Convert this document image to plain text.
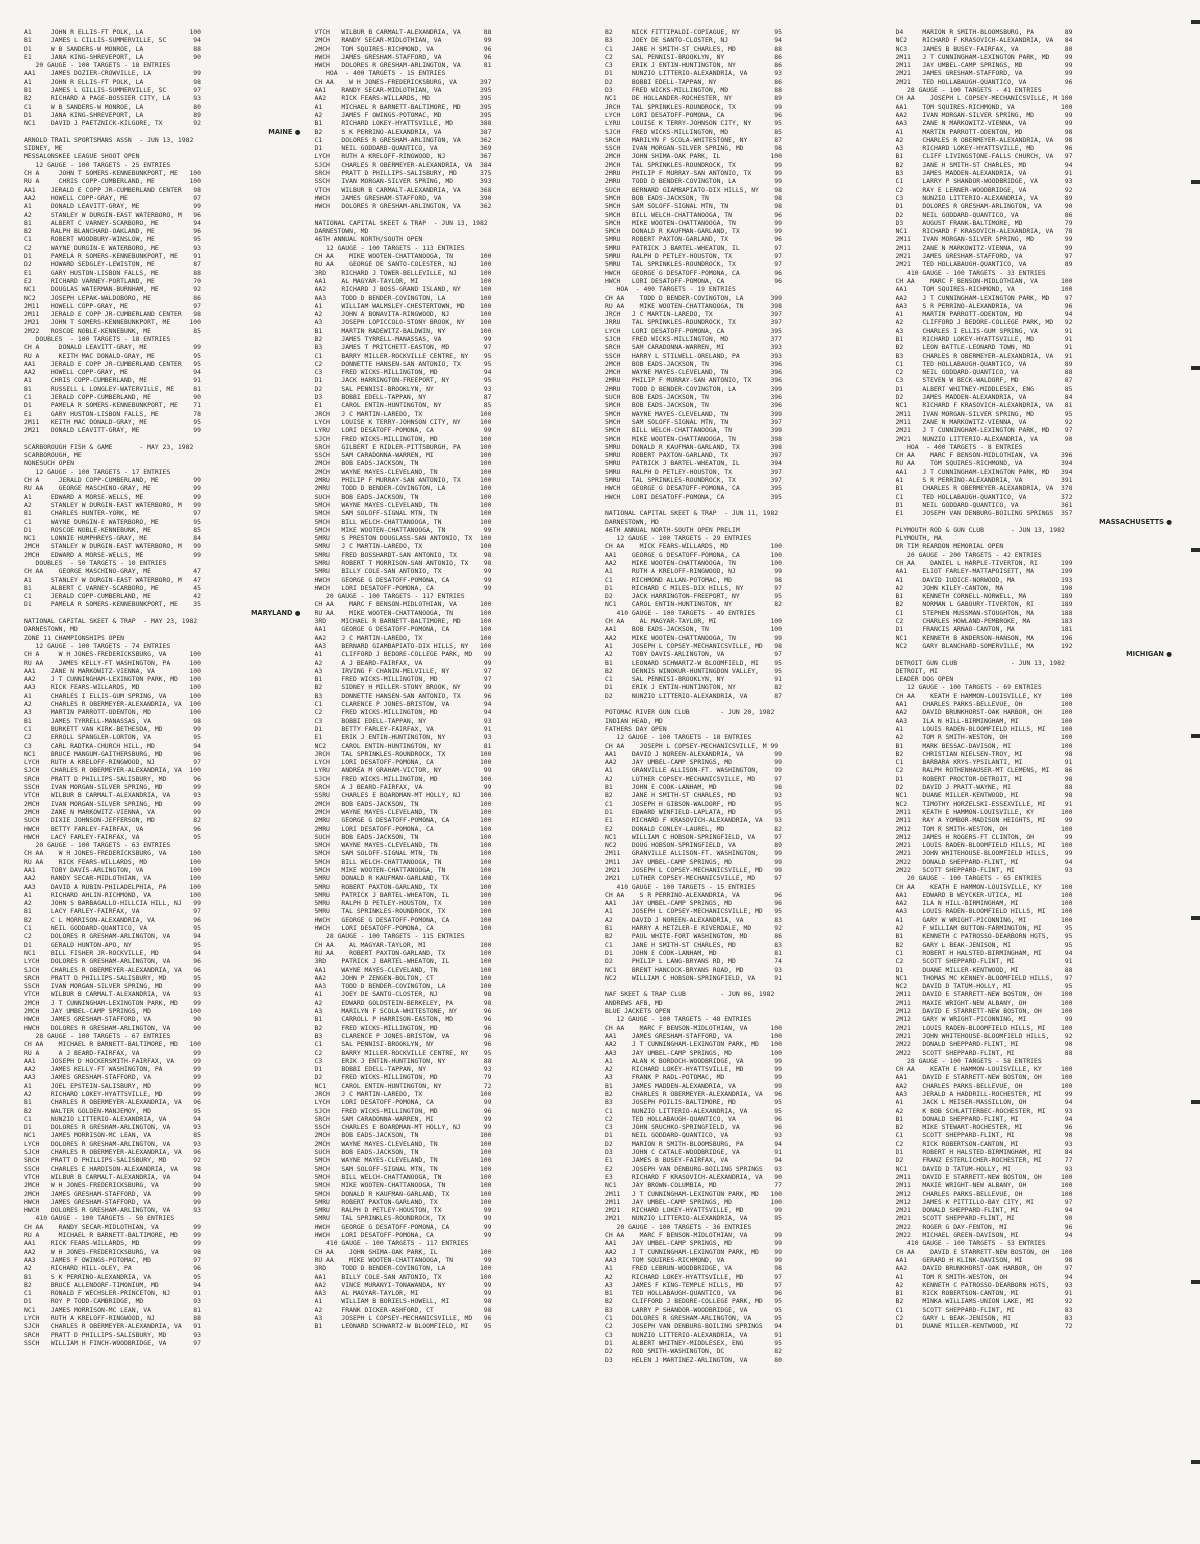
A1     JOHN R ELLIS-FT POLK, LA            100
B1     JAMES L CILLIS-SUMMERVILLE, SC       94
D1     W B SANDERS-W MONROE, LA             88
E1     JANA KING-SHREVEPORT, LA             90
20 GAUGE - 100 TARGETS - 18 ENTRIES
AA1    JAMES DOZIER-CROWVILLE, LA           99
A1     JOHN R ELLIS-FT POLK, LA             98
B1     JAMES L GILLIS-SUMMERVILLE, SC       97
B2     RICHARD A PAGE-BOSSIER CITY, LA      93
C1     W B SANDERS-W MONROE, LA             80
D1     JANA KING-SHREVEPORT, LA             89
NC1    DAVID J PAETZNICK-KILGORE, TX        92
MAINE ●
ARNOLD TRAIL SPORTSMANS ASSN  - JUN 13, 1982
SIDNEY, ME
MESSALONSKEE LEAGUE SHOOT OPEN
12 GAUGE - 100 TARGETS - 25 ENTRIES
CH A     JOHN T SOMERS-KENNEBUNKPORT, ME   100
RU A     CHRIS COPP-CUMBERLAND, ME         100
AA1    JERALD E COPP JR-CUMBERLAND CENTER   98
AA2    HOWELL COPP-GRAY, ME                 97
A1     DONALD LEAVITT-GRAY, ME              99
A2     STANLEY W DURGIN-EAST WATERBORO, M   96
B1     ALBERT C VARNEY-SCARBORO, ME         94
B2     RALPH BLANCHARD-OAKLAND, ME          96
C1     ROBERT WOODBURY-WINSLOW, ME          95
C2     WAYNE DURGIN-E WATERBORO, ME         93
D1     PAMELA R SOMERS-KENNEBUNKPORT, ME    91
D2     HOWARD SEDGLEY-LEWISTON, ME          87
E1     GARY HUSTON-LISBON FALLS, ME         88
E2     RICHARD VARNEY-PORTLAND, ME          70
NC1    DOUGLAS WATERMAN-BURNHAM, ME         92
NC2    JOSEPH LEPAK-WALDOBORO, ME           86
2M11   HOWELL COPP-GRAY, ME                 97
2M11   JERALD E COPP JR-CUMBERLAND CENTER   98
2M21   JOHN T SOMERS-KENNEBUNKPORT, ME     100
2M22   ROSCOE NOBLE-KENNEBUNK, ME           85
DOUBLES  - 100 TARGETS - 18 ENTRIES
CH A     DONALD LEAVITT-GRAY, ME            99
RU A     KEITH MAC DONALD-GRAY, ME          95
AA1    JERALD E COPP JR-CUMBERLAND CENTER   95
AA2    HOWELL COPP-GRAY, ME                 94
A1     CHRIS COPP-CUMBERLAND, ME            91
B1     RUSSELL L LONGLEY-WATERVILLE, ME     81
C1     JERALD COPP-CUMBERLAND, ME           90
D1     PAMELA R SOMERS-KENNEBUNKPORT, ME    71
E1     GARY HUSTON-LISBON FALLS, ME         78
2M11   KEITH MAC DONALD-GRAY, ME            95
2M21   DONALD LEAVITT-GRAY, ME              99
SCARBOROUGH FISH & GAME       - MAY 23, 1982
SCARBOROUGH, ME
NONESUCH OPEN
12 GAUGE - 100 TARGETS - 17 ENTRIES
CH A     JERALD COPP-CUMBERLAND, ME         99
RU AA    GEORGE MASCHINO-GRAY, ME           99
A1     EDWARD A MORSE-WELLS, ME             99
A2     STANLEY W DURGIN-EAST WATERBORO, M   99
B1     CHARLES HUNTER-YORK, ME              97
C1     WAYNE DURGIN-E WATERBORO, ME         95
D1     ROSCOE NOBLE-KENNEBUNK, ME           85
NC1    LONNIE HUMPHREYS-GRAY, ME            84
2MCH   STANLEY W DURGIN-EAST WATERBORO, M   99
2MCH   EDWARD A MORSE-WELLS, ME             99
DOUBLES  - 50 TARGETS - 10 ENTRIES
CH AA    GEORGE MASCHINO-GRAY, ME           47
A1     STANLEY W DURGIN-EAST WATERBORO, M   47
B1     ALBERT C VARNEY-SCARBORO, ME         45
C1     JERALD COPP-CUMBERLAND, ME           42
D1     PAMELA R SOMERS-KENNEBUNKPORT, ME    35
MARYLAND ●
NATIONAL CAPITAL SKEET & TRAP  - MAY 23, 1982
DARNESTOWN, MD
ZONE 11 CHAMPIONSHIPS OPEN
12 GAUGE - 100 TARGETS - 74 ENTRIES
CH A     W H JONES-FREDERICKSBURG, VA      100
RU AA    JAMES KELLY-FT WASHINGTON, PA     100
AA1    ZANE N MARKOWITZ-VIENNA, VA         100
AA2    J T CUNNINGHAM-LEXINGTON PARK, MD   100
AA3    RICK FEARS-WILLARDS, MD             100
A1     CHARLES I ELLIS-GUM SPRING, VA      100
A2     CHARLES R OBERMEYER-ALEXANDRIA, VA  100
A3     MARTIN PARROTT-ODENTON, MD          100
B1     JAMES TYRRELL-MANASSAS, VA           98
C1     BURKETT VAN KIRK-BETHESDA, MD        99
C2     ERROLL SPANGLER-LORTON, VA           95
C3     CARL RADTKA-CHURCH HILL, MD          94
NC1    BRUCE MANGUM-GAITHERSBURG, MD        96
LYCH   RUTH A KRELOFF-RINGWOOD, NJ          97
SJCH   CHARLES R OBERMEYER-ALEXANDRIA, VA  100
SRCH   PRATT D PHILLIPS-SALISBURY, MD       96
SSCH   IVAN MORGAN-SILVER SPRING, MD        99
VTCH   WILBUR B CARMALT-ALEXANDRIA, VA      93
2MCH   IVAN MORGAN-SILVER SPRING, MD        99
2MCH   ZANE N MARKOWITZ-VIENNA, VA          99
SUCH   DIXIE JOHNSON-JEFFERSON, MD          82
HWCH   BETTY FARLEY-FAIRFAX, VA             96
HWCH   LACY FARLEY-FAIRFAX, VA              95
20 GAUGE - 100 TARGETS - 63 ENTRIES
CH AA    W H JONES-FREDERICKSBURG, VA      100
RU AA    RICK FEARS-WILLARDS, MD           100
AA1    TOBY DAVIS-ARLINGTON, VA            100
AA2    RANDY SECAR-MIDLOTHIAN, VA          100
AA3    DAVID A RUBIN-PHILADELPHIA, PA      100
A1     RICHARD AHLIN-RICHMOND, VA          100
A2     JOHN S BARBAGALLO-HILLCIA HILL, NJ   99
B1     LACY FARLEY-FAIRFAX, VA              97
B2     C L MORRISON-ALEXANDRIA, VA          96
C1     NEIL GODDARD-QUANTICO, VA            95
C2     DOLORES R GRESHAM-ARLINGTON, VA      94
D1     GERALD HUNTON-APO, NY                95
NC1    BILL FISHER JR-ROCKVILLE, MD         94
LYCH   DOLORES R GRESHAM-ARLINGTON, VA      96
SJCH   CHARLES R OBERMEYER-ALEXANDRIA, VA   96
SRCH   PRATT D PHILLIPS-SALISBURY, MD       95
SSCH   IVAN MORGAN-SILVER SPRING, MD        99
VTCH   WILBUR B CARMALT-ALEXANDRIA, VA      93
2MCH   J T CUNNINGHAM-LEXINGTON PARK, MD    99
2MCH   JAY UMBEL-CAMP SPRINGS, MD          100
HWCH   JAMES GRESHAM-STAFFORD, VA           90
HWCH   DOLORES R GRESHAM-ARLINGTON, VA      90
28 GAUGE - 100 TARGETS - 67 ENTRIES
CH AA    MICHAEL R BARNETT-BALTIMORE, MD   100
RU A     A J BEARD-FAIRFAX, VA              99
AA1    JOSEPH D HOCKERSMITH-FAIRFAX, VA     99
AA2    JAMES KELLY-FT WASHINGTON, PA        99
AA3    JAMES GRESHAM-STAFFORD, VA           99
A1     JOEL EPSTEIN-SALISBURY, MD           99
A2     RICHARD LOKEY-HYATTSVILLE, MD        99
B1     CHARLES R OBERMEYER-ALEXANDRIA, VA   96
B2     WALTER GOLDEN-MANJEMOY, MD           95
C1     NUNZIO LITTERIO-ALEXANDRIA, VA       94
D1     DOLORES R GRESHAM-ARLINGTON, VA      93
NC1    JAMES MORRISON-MC LEAN, VA           85
LYCH   DOLORES R GRESHAM-ARLINGTON, VA      93
SJCH   CHARLES R OBERMEYER-ALEXANDRIA, VA   96
SRCH   PRATT D PHILLIPS-SALISBURY, MD       92
SSCH   CHARLES E HARDISON-ALEXANDRIA, VA    98
VTCH   WILBUR B CARMALT-ALEXANDRIA, VA      94
2MCH   W H JONES-FREDERICKSBURG, VA         99
2MCH   JAMES GRESHAM-STAFFORD, VA           99
HWCH   JAMES GRESHAM-STAFFORD, VA           99
HWCH   DOLORES R GRESHAM-ARLINGTON, VA      93
410 GAUGE - 100 TARGETS - 50 ENTRIES
CH AA    RANDY SECAR-MIDLOTHIAN, VA         99
RU A     MICHAEL R BARNETT-BALTIMORE, MD    99
AA1    RICK FEARS-WILLARDS, MD              99
AA2    W H JONES-FREDERICKSBURG, VA         98
AA3    JAMES F OWINGS-POTOMAC, MD           97
A2     RICHARD HILL-OLEY, PA                96
B1     S K PERRINO-ALEXANDRIA, VA           95
B2     BRUCE ALLENDORF-TIMONIUM, MD         94
C1     RONALD F WECHSLER-PRINCETON, NJ      91
D1     ROY P TODD-CAMBRIDGE, MD             93
NC1    JAMES MORRISON-MC LEAN, VA           81
LYCH   RUTH A KRELOFF-RINGWOOD, NJ          88
SJCH   CHARLES R OBERMEYER-ALEXANDRIA, VA   91
SRCH   PRATT D PHILLIPS-SALISBURY, MD       93
SSCH   WILLIAM H FINCH-WOODBRIDGE, VA       97
VTCH   WILBUR B CARMALT-ALEXANDRIA, VA      88
2MCH   RANDY SECAR-MIDLOTHIAN, VA           99
2MCH   TOM SQUIRES-RICHMOND, VA             96
HWCH   JAMES GRESHAM-STAFFORD, VA           96
HWCH   DOLORES R GRESHAM-ARLINGTON, VA      81
HOA  - 400 TARGETS - 15 ENTRIES
CH AA    W H JONES-FREDERICKSBURG, VA      397
AA1    RANDY SECAR-MIDLOTHIAN, VA          395
AA2    RICK FEARS-WILLARDS, MD             395
A1     MICHAEL R BARNETT-BALTIMORE, MD     395
A2     JAMES F OWINGS-POTOMAC, MD          395
B1     RICHARD LOKEY-HYATTSVILLE, MD       388
B2     S K PERRINO-ALEXANDRIA, VA          387
C1     DOLORES R GRESHAM-ARLINGTON, VA     362
D1     NEIL GODDARD-QUANTICO, VA           369
LYCH   RUTH A KRELOFF-RINGWOOD, NJ         367
SJCH   CHARLES R OBERMEYER-ALEXANDRIA, VA  384
SRCH   PRATT D PHILLIPS-SALISBURY, MD      375
SSCH   IVAN MORGAN-SILVER SPRING, MD       393
VTCH   WILBUR B CARMALT-ALEXANDRIA, VA     368
HWCH   JAMES GRESHAM-STAFFORD, VA          390
HWCH   DOLORES R GRESHAM-ARLINGTON, VA     362
NATIONAL CAPITAL SKEET & TRAP  - JUN 13, 1982
DARNESTOWN, MD
46TH ANNUAL NORTH/SOUTH OPEN
12 GAUGE - 100 TARGETS - 113 ENTRIES
CH AA    MIKE WOOTEN-CHATTANOOGA, TN       100
RU AA    GEORGE DE SANTO-COLESTER, NJ      100
3RD    RICHARD J TOWER-BELLEVILLE, NJ      100
AA1    AL MAGYAR-TAYLOR, MI                100
AA2    RICHARD J BOSS-GRAND ISLAND, NY     100
AA3    TODD D BENDER-COVINGTON, LA         100
A1     WILLIAM WALMSLEY-CHESTERTOWN, MD    100
A2     JOHN A BONAVITA-RINGWOOD, NJ        100
A3     JOSEPH LOPICCOLO-STONY BROOK, NY    100
B1     MARTIN RADEWITZ-BALDWIN, NY         100
B2     JAMES TYRRELL-MANASSAS, VA           99
B3     JAMES T PRITCHETT-EASTON, MD         97
C1     BARRY MILLER-ROCKVILLE CENTRE, NY    95
C2     DONNETTE HANSEN-SAN ANTONIO, TX      95
C3     FRED WICKS-MILLINGTON, MD            94
D1     JACK HARRINGTON-FREEPORT, NY         95
D2     SAL PENNISI-BROOKLYN, NY             93
D3     BOBBI EDELL-TAPPAN, NY               87
E1     CAROL ENTIN-HUNTINGTON, NY           85
JRCH   J C MARTIN-LAREDO, TX               100
LYCH   LOUISE K TERRY-JOHNSON CITY, NY     100
LYRU   LORI DESATOFF-POMONA, CA             99
SJCH   FRED WICKS-MILLINGTON, MD           100
SRCH   GILBERT E RIDLER-PITTSBURGH, PA     100
SSCH   SAM CARADONNA-WARREN, MI            100
2MCH   BOB EADS-JACKSON, TN                100
2MCH   WAYNE MAYES-CLEVELAND, TN           100
2MRU   PHILIP F MURRAY-SAN ANTONIO, TX     100
2MRU   TODD D BENDER-COVINGTON, LA         100
SUCH   BOB EADS-JACKSON, TN                100
5MCH   WAYNE MAYES-CLEVELAND, TN           100
5MCH   SAM SOLOFF-SIGNAL MTN, TN           100
5MCH   BILL WELCH-CHATTANOOGA, TN          100
5MCH   MIKE WOOTEN-CHATTANOOGA, TN          99
5MRU   S PRESTON DOUGLASS-SAN ANTONIO, TX  100
5MRU   J C MARTIN-LAREDO, TX               100
5MRU   FRED BOSSHARDT-SAN ANTONIO, TX       98
5MRU   ROBERT T MORRISON-SAN ANTONIO, TX    98
5MRU   BILLY COLE-SAN ANTONIO, TX           99
HWCH   GEORGE G DESATOFF-POMONA, CA         99
HWCH   LORI DESATOFF-POMONA, CA             99
20 GAUGE - 100 TARGETS - 117 ENTRIES
CH AA    MARC F BENSON-MIDLOTHIAN, VA      100
RU AA    MIKE WOOTEN-CHATTANOOGA, TN       100
3RD    MICHAEL R BARNETT-BALTIMORE, MD     100
AA1    GEORGE G DESATOFF-POMONA, CA        100
AA2    J C MARTIN-LAREDO, TX               100
AA3    BERNARD GIAMBAPIATO-DIX HILLS, NY   100
A1     CLIFFORD J BEDORE-COLLEGE PARK, MD   99
A2     A J BEARD-FAIRFAX, VA                99
A3     IRVING F CHANIN-MELVILLE, NY         97
B1     FRED WICKS-MILLINGTON, MD            97
B2     SIDNEY H MILLER-STONY BROOK, NY      99
B3     DONNETTE HANSEN-SAN ANTONIO, TX      96
C1     CLARENCE P JONES-BRISTOW, VA         94
C2     FRED WICKS-MILLINGTON, MD            94
C3     BOBBI EDELL-TAPPAN, NY               93
D1     BETTY FARLEY-FAIRFAX, VA             91
E1     ERIK J ENTIN-HUNTINGTON, NY          93
NC2    CAROL ENTIN-HUNTINGTON, NY           81
JRCH   TAL SPRINKLES-ROUNDROCK, TX         100
LYCH   LORI DESATOFF-POMONA, CA            100
LYRU   ANDREA M GRAHAM-VICTOR, NY           99
SJCH   FRED WICKS-MILLINGTON, MD           100
SRCH   A J BEARD-FAIRFAX, VA                99
SSRU   CHARLES E BOARDMAN-MT HOLLY, NJ     100
2MCH   BOB EADS-JACKSON, TN                100
2MCH   WAYNE MAYES-CLEVELAND, TN           100
2MRU   GEORGE G DESATOFF-POMONA, CA        100
2MRU   LORI DESATOFF-POMONA, CA            100
SUCH   BOB EADS-JACKSON, TN                100
5MCH   WAYNE MAYES-CLEVELAND, TN           100
5MCH   SAM SOLOFF-SIGNAL MTN, TN           100
5MCH   BILL WELCH-CHATTANOOGA, TN          100
5MCH   MIKE WOOTEN-CHATTANOOGA, TN         100
5MRU   DONALD R KAUFMAN-GARLAND, TX        100
5MRU   ROBERT PAXTON-GARLAND, TX           100
5MRU   PATRICK J BARTEL-WHEATON, IL        100
5MRU   RALPH D PETLEY-HOUSTON, TX          100
5MRU   TAL SPRINKLES-ROUNDROCK, TX         100
HWCH   GEORGE G DESATOFF-POMONA, CA        100
HWCH   LORI DESATOFF-POMONA, CA            100
28 GAUGE - 100 TARGETS - 115 ENTRIES
CH AA    AL MAGYAR-TAYLOR, MI              100
RU AA    ROBERT PAXTON-GARLAND, TX         100
3RD    PATRICK J BARTEL-WHEATON, IL        100
AA1    WAYNE MAYES-CLEVELAND, TN           100
AA2    JOHN P ZENGEN-BOLTON, CT            100
AA3    TODD D BENDER-COVINGTON, LA         100
A1     JOEY DE SANTO-CLOSTER, NJ            98
A2     EDWARD GOLDSTEIN-BERKELEY, PA        98
A3     MARILYN F SCOLA-WHITESTONE, NY       96
B1     CARROLL P HARRISON-EASTON, MD        96
B2     FRED WICKS-MILLINGTON, MD            96
B3     CLARENCE P JONES-BRISTOW, VA         96
C1     SAL PENNISI-BROOKLYN, NY             96
C2     BARRY MILLER-ROCKVILLE CENTRE, NY    95
C3     ERIK J ENTIN-HUNTINGTON, NY          88
D1     BOBBI EDELL-TAPPAN, NY               93
D2     FRED WICKS-MILLINGTON, MD            79
NC1    CAROL ENTIN-HUNTINGTON, NY           72
JRCH   J C MARTIN-LAREDO, TX               100
LYCH   LORI DESATOFF-POMONA, CA             99
SJCH   FRED WICKS-MILLINGTON, MD            96
SRCH   SAM CARADONNA-WARREN, MI             99
SSCH   CHARLES E BOARDMAN-MT HOLLY, NJ      99
2MCH   BOB EADS-JACKSON, TN                100
2MCH   WAYNE MAYES-CLEVELAND, TN           100
SUCH   BOB EADS-JACKSON, TN                100
5MCH   WAYNE MAYES-CLEVELAND, TN           100
5MCH   SAM SOLOFF-SIGNAL MTN, TN           100
5MCH   BILL WELCH-CHATTANOOGA, TN          100
5MCH   MIKE WOOTEN-CHATTANOOGA, TN         100
5MCH   DONALD R KAUFMAN-GARLAND, TX        100
5MRU   ROBERT PAXTON-GARLAND, TX           100
5MRU   RALPH D PETLEY-HOUSTON, TX           99
5MRU   TAL SPRINKLES-ROUNDROCK, TX          99
HWCH   GEORGE G DESATOFF-POMONA, CA         99
HWCH   LORI DESATOFF-POMONA, CA             99
410 GAUGE - 100 TARGETS - 117 ENTRIES
CH AA    JOHN SHIMA-OAK PARK, IL           100
RU AA    MIKE WOOTEN-CHATTANOOGA, TN        99
3RD    TODD D BENDER-COVINGTON, LA         100
AA1    BILLY COLE-SAN ANTONIO, TX          100
AA2    VINCE MURANYI-TONAWANDA, NY          99
AA3    AL MAGYAR-TAYLOR, MI                 99
A1     WILLIAM B BORIELS-HOWELL, MI         98
A2     FRANK DICKER-ASHFORD, CT             98
A3     JOSEPH L COPSEY-MECHANICSVILLE, MD   96
B1     LEONARD SCHWARTZ-W BLOOMFIELD, MI    95
B2     NICK FITTIPALDI-COPIAGUE, NY         95
B3     JOEY DE SANTO-CLOSTER, NJ            94
C1     JANE H SMITH-ST CHARLES, MD          88
C2     SAL PENNISI-BROOKLYN, NY             86
C3     ERIK J ENTIN-HUNTINGTON, NY          86
D1     NUNZIO LITTERIO-ALEXANDRIA, VA       93
D2     BOBBI EDELL-TAPPAN, NY               86
D3     FRED WICKS-MILLINGTON, MD            88
NC1    DE HOLLANDER-ROCHESTER, NY           89
JRCH   TAL SPRINKLES-ROUNDROCK, TX          99
LYCH   LORI DESATOFF-POMONA, CA             96
LYRU   LOUISE K TERRY-JOHNSON CITY, NY      95
SJCH   FRED WICKS-MILLINGTON, MD            85
SRCH   MARILYN F SCOLA-WHITESTONE, NY       87
SSCH   IVAN MORGAN-SILVER SPRING, MD        98
2MCH   JOHN SHIMA-OAK PARK, IL             100
2MCH   TAL SPRINKLES-ROUNDROCK, TX          99
2MRU   PHILIP F MURRAY-SAN ANTONIO, TX      99
2MRU   TODD D BENDER-COVINGTON, LA          99
SUCH   BERNARD GIAMBAPIATO-DIX HILLS, NY    98
5MCH   BOB EADS-JACKSON, TN                 98
5MCH   SAM SOLOFF-SIGNAL MTN, TN            98
5MCH   BILL WELCH-CHATTANOOGA, TN           96
5MCH   MIKE WOOTEN-CHATTANOOGA, TN          99
5MCH   DONALD R KAUFMAN-GARLAND, TX         99
5MRU   ROBERT PAXTON-GARLAND, TX            96
5MRU   PATRICK J BARTEL-WHEATON, IL         97
5MRU   RALPH D PETLEY-HOUSTON, TX           97
5MRU   TAL SPRINKLES-ROUNDROCK, TX          97
HWCH   GEORGE G DESATOFF-POMONA, CA         96
HWCH   LORI DESATOFF-POMONA, CA             96
HOA  - 400 TARGETS - 19 ENTRIES
CH AA    TODD D BENDER-COVINGTON, LA       399
RU AA    MIKE WOOTEN-CHATTANOOGA, TN       398
JRCH   J C MARTIN-LAREDO, TX               397
JRRU   TAL SPRINKLES-ROUNDROCK, TX         397
LYCH   LORI DESATOFF-POMONA, CA            395
SJCH   FRED WICKS-MILLINGTON, MD           377
SRCH   SAM CARADONNA-WARREN, MI            393
SSCH   HARRY L STILWELL-ORELAND, PA        393
2MCH   BOB EADS-JACKSON, TN                396
2MCH   WAYNE MAYES-CLEVELAND, TN           396
2MRU   PHILIP F MURRAY-SAN ANTONIO, TX     396
2MRU   TODD D BENDER-COVINGTON, LA         399
SUCH   BOB EADS-JACKSON, TN                396
5MCH   BOB EADS-JACKSON, TN                396
5MCH   WAYNE MAYES-CLEVELAND, TN           399
5MCH   SAM SOLOFF-SIGNAL MTN, TN           397
5MCH   BILL WELCH-CHATTANOOGA, TN          399
5MCH   MIKE WOOTEN-CHATTANOOGA, TN         398
5MRU   DONALD R KAUFMAN-GARLAND, TX        398
5MRU   ROBERT PAXTON-GARLAND, TX           397
5MRU   PATRICK J BARTEL-WHEATON, IL        394
5MRU   RALPH D PETLEY-HOUSTON, TX          397
5MRU   TAL SPRINKLES-ROUNDROCK, TX         397
HWCH   GEORGE G DESATOFF-POMONA, CA        395
HWCH   LORI DESATOFF-POMONA, CA            395
NATIONAL CAPITAL SKEET & TRAP  - JUN 11, 1982
DARNESTOWN, MD
46TH ANNUAL NORTH-SOUTH OPEN PRELIM
12 GAUGE - 100 TARGETS - 29 ENTRIES
CH AA    MICK FEARS-WILLARDS, MD           100
AA1    GEORGE G DESATOFF-POMONA, CA        100
AA2    MIKE WOOTEN-CHATTANOOGA, TN         100
A1     RUTH A KRELOFF-RINGWOOD, NJ          99
C1     RICHMOND ALLAN-POTOMAC, MD           98
D1     RICHARD C MILES-DIX HILLS, NY        97
D2     JACK HARRINGTON-FREEPORT, NY         95
NC1    CAROL ENTIN-HUNTINGTON, NY           82
410 GAUGE - 100 TARGETS - 49 ENTRIES
CH AA    AL MAGYAR-TAYLOR, MI              100
AA1    BOB EADS-JACKSON, TN                100
AA2    MIKE WOOTEN-CHATTANOOGA, TN          99
A1     JOSEPH L COPSEY-MECHANICSVILLE, MD   98
A2     TOBY DAVIS-ARLINGTON, VA             97
B1     LEONARD SCHWARTZ-W BLOOMFIELD, MI    95
B2     DENNIS WINOKUR-HUNTINGDON VALLEY,    95
C1     SAL PENNISI-BROOKLYN, NY             91
D1     ERIK J ENTIN-HUNTINGTON, NY          82
D2     NUNZIO LITTERIO-ALEXANDRIA, VA       87
POTOMAC RIVER GUN CLUB        - JUN 20, 1982
INDIAN HEAD, MD
FATHERS DAY OPEN
12 GAUGE - 100 TARGETS - 18 ENTRIES
CH AA    JOSEPH L COPSEY-MECHANICSVILLE, M 99
AA1    DAVID J NOREEN-ALEXANDRIA, VA        99
AA2    JAY UMBEL-CAMP SPRINGS, MD           99
A1     GRANVILLE ALLISON-FT. WASHINGTON,    99
A2     LUTHER COPSEY-MECHANICSVILLE, MD     97
B1     JOHN E COOK-LANHAM, MD               98
B2     JANE H SMITH-ST CHARLES, MD          93
C1     JOSEPH H GIBSON-WALDORF, MD          95
D1     EDWARD WINFIELD-LAPLATA, MD          95
E1     RICHARD F KRASOVICH-ALEXANDRIA, VA   93
E2     DONALD CONLEY-LAUREL, MD             82
NC1    WILLIAM C HOBSON-SPRINGFIELD, VA     97
NC2    DOUG HOBSON-SPRINGFIELD, VA          89
2M11   GRANVILLE ALLISON-FT. WASHINGTON,    99
2M11   JAY UMBEL-CAMP SPRINGS, MD           99
2M21   JOSEPH L COPSEY-MECHANICSVILLE, MD   99
2M21   LUTHER COPSEY-MECHANICSVILLE, MD     97
410 GAUGE - 100 TARGETS - 15 ENTRIES
CH AA    S R PERRINO-ALEXANDRIA, VA         96
AA1    JAY UMBEL-CAMP SPRINGS, MD           96
A1     JOSEPH L COPSEY-MECHANICSVILLE, MD   95
A2     DAVID J NOREEN-ALEXANDRIA, VA        83
B1     HARRY A HETZLER-E RIVERDALE, MD      92
B2     PAUL WHITE-FORT WASHINGTON, MD       86
C1     JANE H SMITH-ST CHARLES, MD          83
D1     JOHN E COOK-LANHAM, MD               81
D2     PHILIP L LANG-BRYANS RD, MD          74
NC1    BRENT HANCOCK-BRYANS ROAD, MD        93
NC2    WILLIAM C HOBSON-SPRINGFIELD, VA     91
NAF SKEET & TRAP CLUB         - JUN 06, 1982
ANDREWS AFB, MD
BLUE JACKETS OPEN
12 GAUGE - 100 TARGETS - 48 ENTRIES
CH AA    MARC F BENSON-MIDLOTHIAN, VA      100
AA1    JAMES GRESHAM-STAFFORD, VA          100
AA2    J T CUNNINGHAM-LEXINGTON PARK, MD   100
AA3    JAY UMBEL-CAMP SPRINGS, MD          100
A1     ALAN K BORDOCH-WOODBRIDGE, VA        99
A2     RICHARD LOKEY-HYATTSVILLE, MD        99
A3     FRANK P RADL-POTOMAC, MD             99
B1     JAMES MADDEN-ALEXANDRIA, VA          99
B2     CHARLES R OBERMEYER-ALEXANDRIA, VA   96
B3     JOSEPH POILIS-BALTIMORE, MD          95
C1     NUNZIO LITTERIO-ALEXANDRIA, VA       95
C2     TED HOLLABAUGH-QUANTICO, VA          96
C3     JOHN SRUCHKO-SPRINGFIELD, VA         96
D1     NEIL GODDARD-QUANTICO, VA            93
D2     MARION R SMITH-BLOOMSBURG, PA        94
D3     JOHN C CATALE-WOODBRIDGE, VA         91
E1     JAMES B BUSEY-FAIRFAX, VA            94
E2     JOSEPH VAN DENBURG-BOILING SPRINGS   93
E3     RICHARD F KRASOVICH-ALEXANDRIA, VA   90
NC1    JAY BROWN-COLUMBIA, MD               77
2M11   J T CUNNINGHAM-LEXINGTON PARK, MD   100
2M11   JAY UMBEL-CAMP SPRINGS, MD          100
2M21   RICHARD LOKEY-HYATTSVILLE, MD        99
2M21   NUNZIO LITTERIO-ALEXANDRIA, VA       95
20 GAUGE - 100 TARGETS - 36 ENTRIES
CH AA    MARC F BENSON-MIDLOTHIAN, VA       99
AA1    JAY UMBEL-CAMP SPRINGS, MD           99
AA2    J T CUNNINGHAM-LEXINGTON PARK, MD    99
AA3    TOM SQUIRES-RICHMOND, VA             99
A1     FRED LEBRUN-WOODBRIDGE, VA           98
A2     RICHARD LOKEY-HYATTSVILLE, MD        97
A3     JAMES F KING-TEMPLE HILLS, MD        97
B1     TED HOLLABAUGH-QUANTICO, VA          96
B2     CLIFFORD J BEDORE-COLLEGE PARK, MD   95
B3     LARRY P SHANDOR-WOODBRIDGE, VA       95
C1     DOLORES R GRESHAM-ARLINGTON, VA      95
C2     JOSEPH VAN DENBURG-BOILING SPRINGS   94
C3     NUNZIO LITTERIO-ALEXANDRIA, VA       91
D1     ALBERT WHITNEY-MIDDLESEX, ENG        95
D2     ROD SMITH-WASHINGTON, DC             82
D3     HELEN J MARTINEZ-ARLINGTON, VA       80
D4     MARION R SMITH-BLOOMSBURG, PA        89
NC2    RICHARD F KRASOVICH-ALEXANDRIA, VA   84
NC3    JAMES B BUSEY-FAIRFAX, VA            80
2M11   J T CUNNINGHAM-LEXINGTON PARK, MD    99
2M11   JAY UMBEL-CAMP SPRINGS, MD           99
2M21   JAMES GRESHAM-STAFFORD, VA           99
2M21   TED HOLLABAUGH-QUANTICO, VA          96
28 GAUGE - 100 TARGETS - 41 ENTRIES
CH AA    JOSEPH L COPSEY-MECHANICSVILLE, M 100
AA1    TOM SQUIRES-RICHMOND, VA            100
AA2    IVAN MORGAN-SILVER SPRING, MD        99
AA3    ZANE N MARKOWITZ-VIENNA, VA          99
A1     MARTIN PARROTT-ODENTON, MD           98
A2     CHARLES R OBERMEYER-ALEXANDRIA, VA   98
A3     RICHARD LOKEY-HYATTSVILLE, MD        96
B1     CLIFF LIVINGSTONE-FALLS CHURCH, VA   97
B2     JANE H SMITH-ST CHARLES, MD          94
B3     JAMES MADDEN-ALEXANDRIA, VA          91
C1     LARRY P SHANDOR-WOODBRIDGE, VA       93
C2     RAY E LERNER-WOODBRIDGE, VA          92
C3     NUNZIO LITTERIO-ALEXANDRIA, VA       89
D1     DOLORES R GRESHAM-ARLINGTON, VA      90
D2     NEIL GODDARD-QUANTICO, VA            86
D3     AUGUST FRANK-BALTIMORE, MD           79
NC1    RICHARD F KRASOVICH-ALEXANDRIA, VA   78
2M11   IVAN MORGAN-SILVER SPRING, MD        99
2M11   ZANE N MARKOWITZ-VIENNA, VA          99
2M21   JAMES GRESHAM-STAFFORD, VA           97
2M21   TED HOLLABAUGH-QUANTICO, VA          89
410 GAUGE - 100 TARGETS - 33 ENTRIES
CH AA    MARC F BENSON-MIDLOTHIAN, VA      100
AA1    TOM SQUIRES-RICHMOND, VA            100
AA2    J T CUNNINGHAM-LEXINGTON PARK, MD    97
AA3    S R PERRINO-ALEXANDRIA, VA           96
A1     MARTIN PARROTT-ODENTON, MD           94
A2     CLIFFORD J BEDORE-COLLEGE PARK, MD   92
A3     CHARLES I ELLIS-GUM SPRING, VA       91
B1     RICHARD LOKEY-HYATTSVILLE, MD        91
B2     LEON BATTLE-LEONARD TOWN, MD         91
B3     CHARLES R OBERMEYER-ALEXANDRIA, VA   91
C1     TED HOLLABAUGH-QUANTICO, VA          89
C2     NEIL GODDARD-QUANTICO, VA            88
C3     STEVEN W BECK-WALDORF, MD            87
D1     ALBERT WHITNEY-MIDDLESEX, ENG        85
D2     JAMES MADDEN-ALEXANDRIA, VA          84
NC1    RICHARD F KRASOVICH-ALEXANDRIA, VA   81
2M11   IVAN MORGAN-SILVER SPRING, MD        95
2M11   ZANE N MARKOWITZ-VIENNA, VA          92
2M21   J T CUNNINGHAM-LEXINGTON PARK, MD    97
2M21   NUNZIO LITTERIO-ALEXANDRIA, VA       90
HOA  - 400 TARGETS - 8 ENTRIES
CH AA    MARC F BENSON-MIDLOTHIAN, VA      396
RU AA    TOM SQUIRES-RICHMOND, VA          394
AA1    J T CUNNINGHAM-LEXINGTON PARK, MD   394
A1     S R PERRINO-ALEXANDRIA, VA          391
B1     CHARLES R OBERMEYER-ALEXANDRIA, VA  378
C1     TED HOLLABAUGH-QUANTICO, VA         372
D1     NEIL GODDARD-QUANTICO, VA           361
E1     JOSEPH VAN DENBURG-BOILING SPRINGS  357
MASSACHUSETTS ●
PLYMOUTH ROD & GUN CLUB       - JUN 13, 1982
PLYMOUTH, MA
DR TIM REARDON MEMORIAL OPEN
20 GAUGE - 200 TARGETS - 42 ENTRIES
CH AA    DANIEL L HARPLE-TIVERTON, RI      199
AA1    ELIOT FARLEY-MATTAPOISETT, MA       199
A1     DAVID IUDICE-NORWOOD, MA            193
A2     JOHN KILEY-CANTON, MA               190
B1     KENNETH CORNELL-NORWELL, MA         189
B2     NORMAN L GABOURY-TIVERTON, RI       189
C1     STEPHEN MUSSMAN-STOUGHTON, MA       188
C2     CHARLES HOWLAND-PEMBROKE, MA        183
D1     FRANCIS ARNAO-CANTON, MA            181
NC1    KENNETH B ANDERSON-HANSON, MA       196
NC2    GARY BLANCHARD-SOMERVILLE, MA       192
MICHIGAN ●
DETROIT GUN CLUB              - JUN 13, 1982
DETROIT, MI
LEADER DOG OPEN
12 GAUGE - 100 TARGETS - 69 ENTRIES
CH AA    KEATH E HAMMON-LOUISVILLE, KY     100
AA1    CHARLES PARKS-BELLEVUE, OH          100
AA2    DAVID BRUNKHORST-OAK HARBOR, OH     100
AA3    ILA N HILL-BIRMINGHAM, MI           100
A1     LOUIS RADEN-BLOOMFIELD HILLS, MI    100
A2     TOM R SMITH-WESTON, OH              100
B1     MARK BESSAC-DAVISON, MI             100
B2     CHRISTIAN NIELSEN-TROY, MI           98
C1     BARBARA KRYS-YPSILANTI, MI           91
C2     RALPH ROTHENHAUSER-MT CLEMENS, MI    86
D1     ROBERT PROCTOR-DETROIT, MI           98
D2     DAVID J PRATT-WAYNE, MI              88
NC1    DUANE MILLER-KENTWOOD, MI            98
NC2    TIMOTHY HORZELSKI-ESSEXVILLE, MI     91
2M11   KEATH E HAMMON-LOUISVILLE, KY       100
2M11   RAY A YOMBOR-MADISON HEIGHTS, MI     99
2M12   TOM R SMITH-WESTON, OH              100
2M12   JAMES H ROGERS-FT CLINTON, OH        99
2M21   LOUIS RADEN-BLOOMFIELD HILLS, MI    100
2M21   JOHN WHITEHOUSE-BLOOMFIELD HILLS,    99
2M22   DONALD SHEPPARD-FLINT, MI            94
2M22   SCOTT SHEPPARD-FLINT, MI             93
20 GAUGE - 100 TARGETS - 65 ENTRIES
CH AA    KEATH E HAMMON-LOUISVILLE, KY     100
AA1    EDWARD B WEYCKER-UTICA, MI          100
AA2    ILA N HILL-BIRMINGHAM, MI           100
AA3    LOUIS RADEN-BLOOMFIELD HILLS, MI    100
A1     GARY W WRIGHT-PICONNING, MI         100
A2     F WILLIAM BUTTON-FARMINGTON, MI      95
B1     KENNETH C PATROSSO-DEARBORN HGTS,    95
B2     GARY L BEAK-JENISON, MI              95
C1     ROBERT H HALSTED-BIRMINGHAM, MI      94
C2     SCOTT SHEPPARD-FLINT, MI             91
D1     DUANE MILLER-KENTWOOD, MI            88
NC1    THOMAS MC KENNEY-BLOOMFIELD HILLS,   97
NC2    DAVID D TATUM-HOLLY, MI              95
2M11   DAVID E STARRETT-NEW BOSTON, OH     100
2M11   MAXIE WRIGHT-NEW ALBANY, OH         100
2M12   DAVID E STARRETT-NEW BOSTON, OH     100
2M12   GARY W WRIGHT-PICONNING, MI          99
2M21   LOUIS RADEN-BLOOMFIELD HILLS, MI    100
2M21   JOHN WHITEHOUSE-BLOOMFIELD HILLS,    92
2M22   DONALD SHEPPARD-FLINT, MI            90
2M22   SCOTT SHEPPARD-FLINT, MI             88
28 GAUGE - 100 TARGETS - 58 ENTRIES
CH AA    KEATH E HAMMON-LOUISVILLE, KY     100
AA1    DAVID E STARRETT-NEW BOSTON, OH     100
AA2    CHARLES PARKS-BELLEVUE, OH          100
AA3    JERALD A HADDRILL-ROCHESTER, MI      99
A1     JACK L MEISER-MASSILLON, OH          94
A2     K BOB SCHLATTERBEC-ROCHESTER, MI     93
B1     DONALD SHEPPARD-FLINT, MI            94
B2     MIKE STEWART-ROCHESTER, MI           96
C1     SCOTT SHEPPARD-FLINT, MI             90
C2     RICK ROBERTSON-CANTON, MI            93
D1     ROBERT H HALSTED-BIRMINGHAM, MI      84
D2     FRANZ ESTERLICHER-ROCHESTER, MI      77
NC1    DAVID D TATUM-HOLLY, MI              93
2M11   DAVID E STARRETT-NEW BOSTON, OH     100
2M11   MAXIE WRIGHT-NEW ALBANY, OH         100
2M12   CHARLES PARKS-BELLEVUE, OH          100
2M12   JAMES K PITTILLO-BAY CITY, MI        97
2M21   DONALD SHEPPARD-FLINT, MI            94
2M21   SCOTT SHEPPARD-FLINT, MI             90
2M22   ROGER G DAY-FENTON, MI               96
2M22   MICHAEL GREEN-DAVISON, MI            94
410 GAUGE - 100 TARGETS - 53 ENTRIES
CH AA    DAVID E STARRETT-NEW BOSTON, OH   100
AA1    GERARD H KLINK-DAVISON, MI           98
AA2    DAVID BRUNKHORST-OAK HARBOR, OH      97
A1     TOM R SMITH-WESTON, OH               94
A2     KENNETH C PATROSSO-DEARBORN HGTS,    93
B1     RICK ROBERTSON-CANTON, MI            91
B2     MINKA WILLIAMS-UNION LAKE, MI        92
C1     SCOTT SHEPPARD-FLINT, MI             83
C2     GARY L BEAK-JENISON, MI              83
D1     DUANE MILLER-KENTWOOD, MI            72
